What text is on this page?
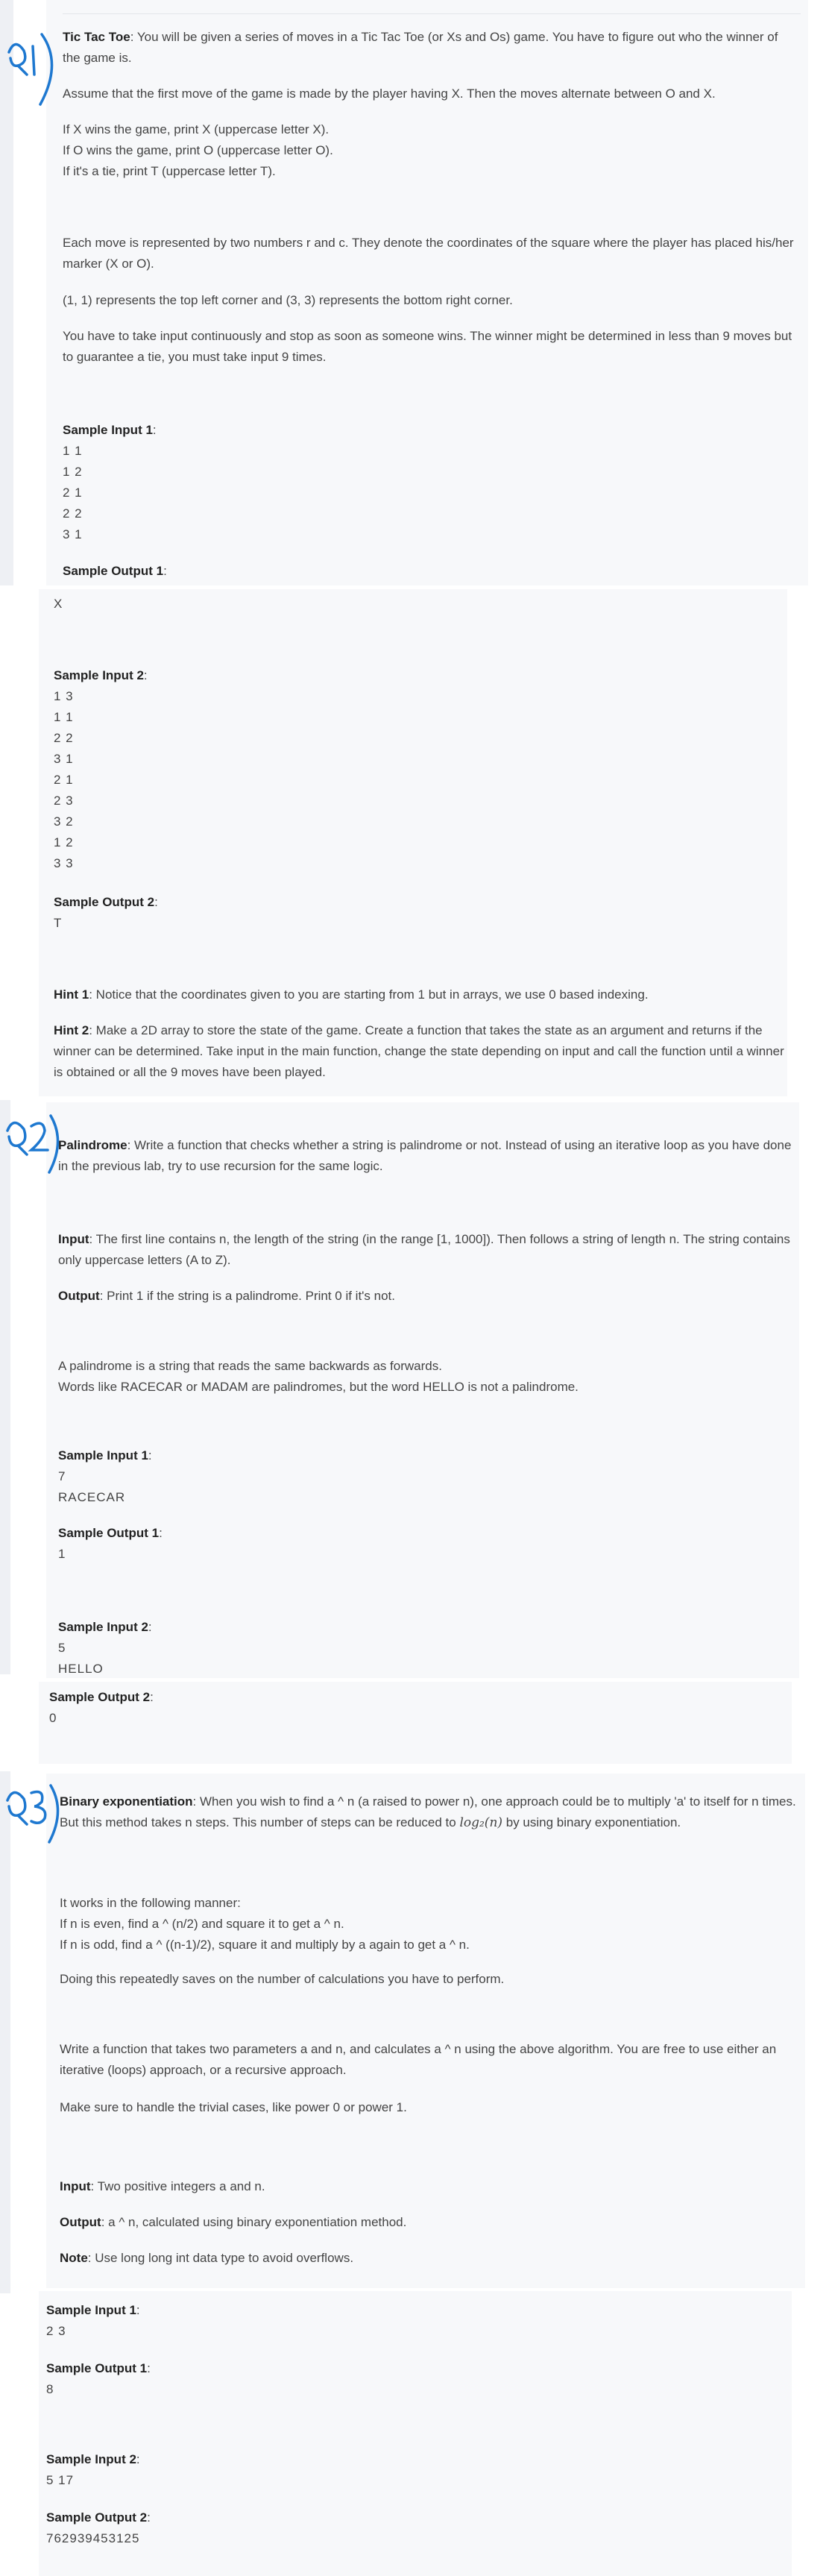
Tic Tac Toe: You will be given a series of moves in a Tic Tac Toe (or Xs and Os) game. You have to figure out who the winner of the game is.
Assume that the first move of the game is made by the player having X. Then the moves alternate between O and X.

If X wins the game, print X (uppercase letter X).

If O wins the game, print O (uppercase letter O).

If it's a tie, print T (uppercase letter T).

Each move is represented by two numbers r and c. They denote the coordinates of the square where the player has placed his/her marker (X or O).
(1, 1) represents the top left corner and (3, 3) represents the bottom right corner.
You have to take input continuously and stop as soon as someone wins. The winner might be determined in less than 9 moves but to guarantee a tie, you must take input 9 times.

Sample Input 1:

1 1

1 2

2 1

2 2

3 1

Sample Output 1:
X

Sample Input 2:

1 3

1 1

2 2

3 1

2 1

2 3

3 2

1 2

3 3

Sample Output 2:

T

Hint 1: Notice that the coordinates given to you are starting from 1 but in arrays, we use 0 based indexing.
Hint 2: Make a 2D array to store the state of the game. Create a function that takes the state as an argument and returns if the winner can be determined. Take input in the main function, change the state depending on input and call the function until a winner is obtained or all the 9 moves have been played.
Palindrome: Write a function that checks whether a string is palindrome or not. Instead of using an iterative loop as you have done in the previous lab, try to use recursion for the same logic.
Input: The first line contains n, the length of the string (in the range [1, 1000]). Then follows a string of length n. The string contains only uppercase letters (A to Z).
Output: Print 1 if the string is a palindrome. Print 0 if it's not.

A palindrome is a string that reads the same backwards as forwards.

Words like RACECAR or MADAM are palindromes, but the word HELLO is not a palindrome.

Sample Input 1:

7

RACECAR

Sample Output 1:

1

Sample Input 2:

5

HELLO

Sample Output 2:

0

Binary exponentiation: When you wish to find a ^ n (a raised to power n), one approach could be to multiply 'a' to itself for n times. But this method takes n steps. This number of steps can be reduced to log₂(n) by using binary exponentiation.

It works in the following manner:

If n is even, find a ^ (n/2) and square it to get a ^ n.

If n is odd, find a ^ ((n-1)/2), square it and multiply by a again to get a ^ n.

Doing this repeatedly saves on the number of calculations you have to perform.
Write a function that takes two parameters a and n, and calculates a ^ n using the above algorithm. You are free to use either an iterative (loops) approach, or a recursive approach.
Make sure to handle the trivial cases, like power 0 or power 1.
Input: Two positive integers a and n.
Output: a ^ n, calculated using binary exponentiation method.
Note: Use long long int data type to avoid overflows.

Sample Input 1:

2 3

Sample Output 1:

8

Sample Input 2:

5 17

Sample Output 2:

762939453125
